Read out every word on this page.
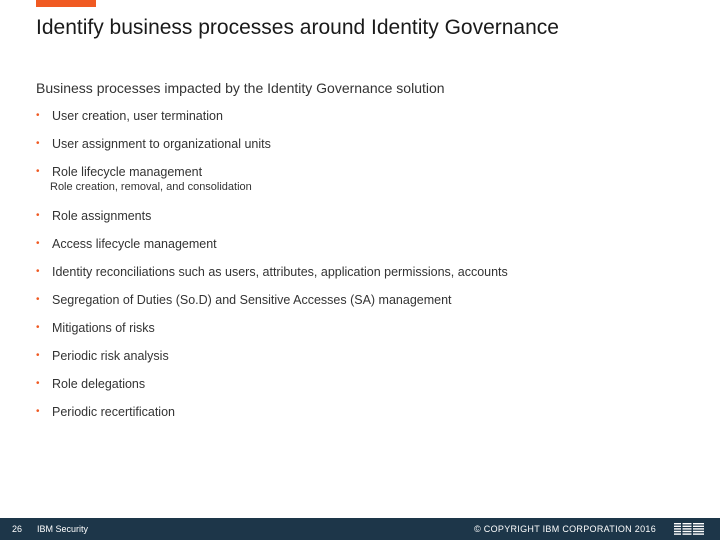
Identify business processes around Identity Governance
Business processes impacted by the Identity Governance solution
• User creation, user termination
• User assignment to organizational units
• Role lifecycle management
Role creation, removal, and consolidation
• Role assignments
• Access lifecycle management
• Identity reconciliations such as users, attributes, application permissions, accounts
• Segregation of Duties (So.D) and Sensitive Accesses (SA) management
• Mitigations of risks
• Periodic risk analysis
• Role delegations
• Periodic recertification
26 IBM Security	© COPYRIGHT IBM CORPORATION 2016
